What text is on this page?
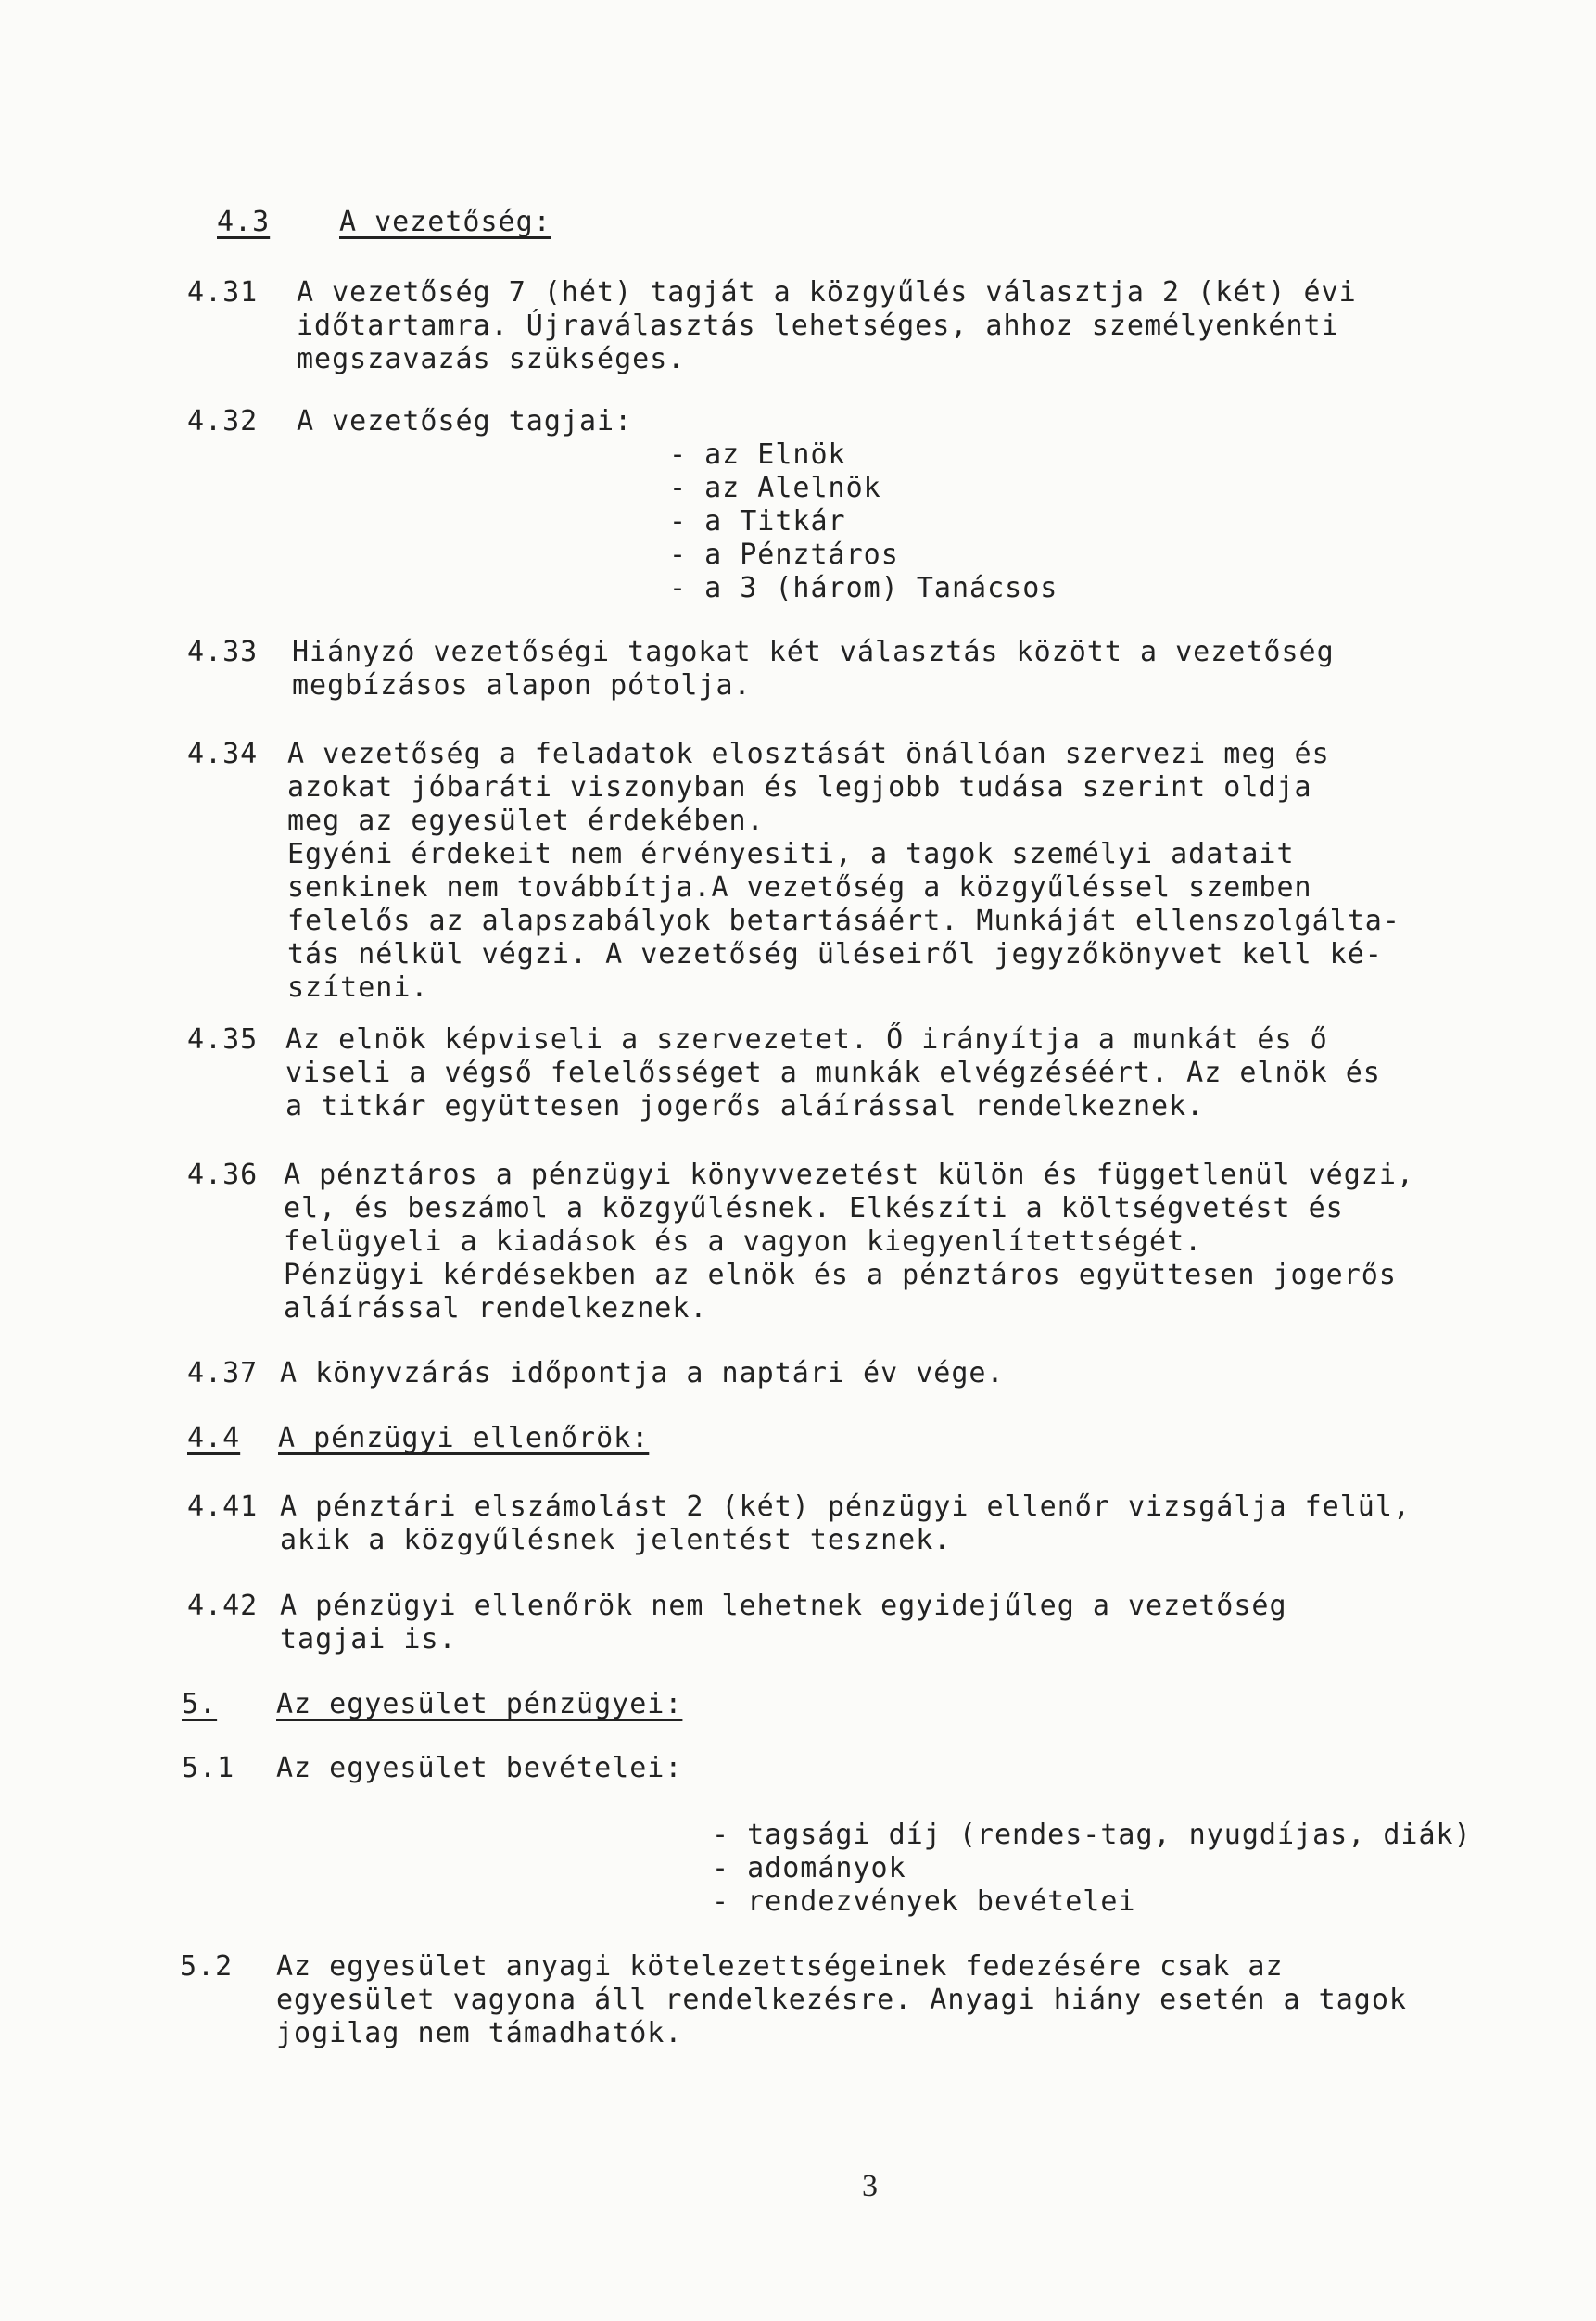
4.3 A vezetőség:
4.31 A vezetőség 7 (hét) tagját a közgyűlés választja 2 (két) évi
időtartamra. Újraválasztás lehetséges, ahhoz személyenkénti
megszavazás szükséges.
4.32 A vezetőség tagjai:
- az Elnök
- az Alelnök
- a Titkár
- a Pénztáros
- a 3 (három) Tanácsos
4.33 Hiányzó vezetőségi tagokat két választás között a vezetőség
megbízásos alapon pótolja.
4.34 A vezetőség a feladatok elosztását önállóan szervezi meg és
azokat jóbaráti viszonyban és legjobb tudása szerint oldja
meg az egyesület érdekében.
Egyéni érdekeit nem érvényesiti, a tagok személyi adatait
senkinek nem továbbítja.A vezetőség a közgyűléssel szemben
felelős az alapszabályok betartásáért. Munkáját ellenszolgálta-
tás nélkül végzi. A vezetőség üléseiről jegyzőkönyvet kell ké-
szíteni.
4.35 Az elnök képviseli a szervezetet. Ő irányítja a munkát és ő
viseli a végső felelősséget a munkák elvégzéséért. Az elnök és
a titkár együttesen jogerős aláírással rendelkeznek.
4.36 A pénztáros a pénzügyi könyvvezetést külön és függetlenül végzi,
el, és beszámol a közgyűlésnek. Elkészíti a költségvetést és
felügyeli a kiadások és a vagyon kiegyenlítettségét.
Pénzügyi kérdésekben az elnök és a pénztáros együttesen jogerős
aláírással rendelkeznek.
4.37 A könyvzárás időpontja a naptári év vége.
4.4 A pénzügyi ellenőrök:
4.41 A pénztári elszámolást 2 (két) pénzügyi ellenőr vizsgálja felül,
akik a közgyűlésnek jelentést tesznek.
4.42 A pénzügyi ellenőrök nem lehetnek egyidejűleg a vezetőség
tagjai is.
5. Az egyesület pénzügyei:
5.1 Az egyesület bevételei:
- tagsági díj (rendes-tag, nyugdíjas, diák)
- adományok
- rendezvények bevételei
5.2 Az egyesület anyagi kötelezettségeinek fedezésére csak az
egyesület vagyona áll rendelkezésre. Anyagi hiány esetén a tagok
jogilag nem támadhatók.
3
